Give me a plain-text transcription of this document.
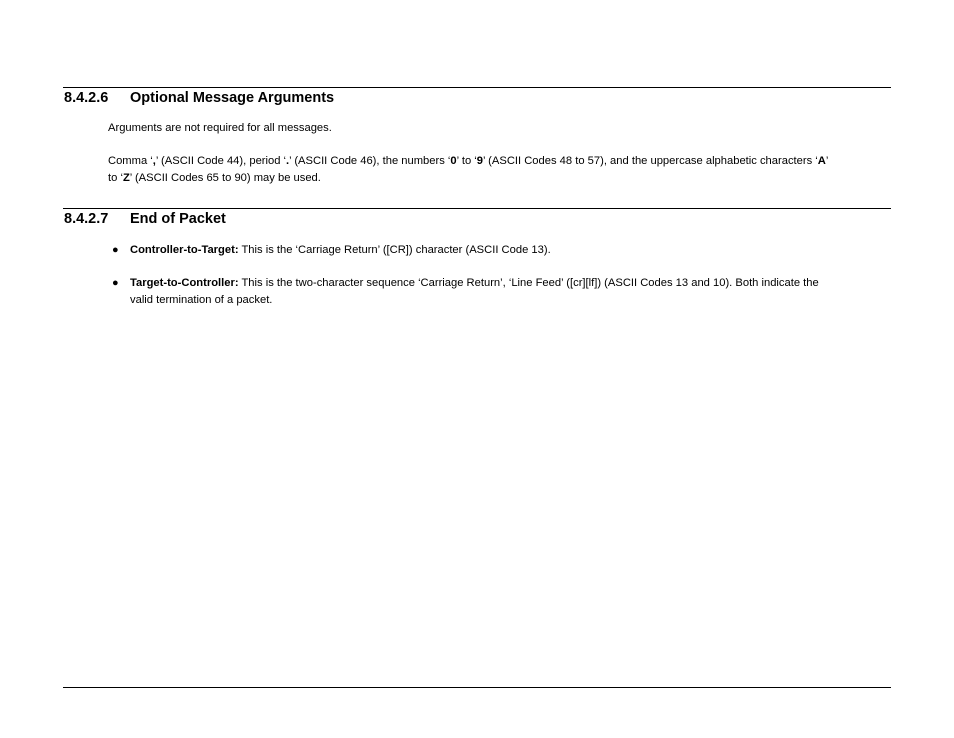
8.4.2.6 Optional Message Arguments
Arguments are not required for all messages.
Comma ‘,’ (ASCII Code 44), period ‘.’ (ASCII Code 46), the numbers ‘0’ to ‘9’ (ASCII Codes 48 to 57), and the uppercase alphabetic characters ‘A’
to ‘Z’ (ASCII Codes 65 to 90) may be used.
8.4.2.7 End of Packet
● Controller-to-Target: This is the ‘Carriage Return’ ([CR]) character (ASCII Code 13).
● Target-to-Controller: This is the two-character sequence ‘Carriage Return’, ‘Line Feed’ ([cr][lf]) (ASCII Codes 13 and 10). Both indicate the
valid termination of a packet.
